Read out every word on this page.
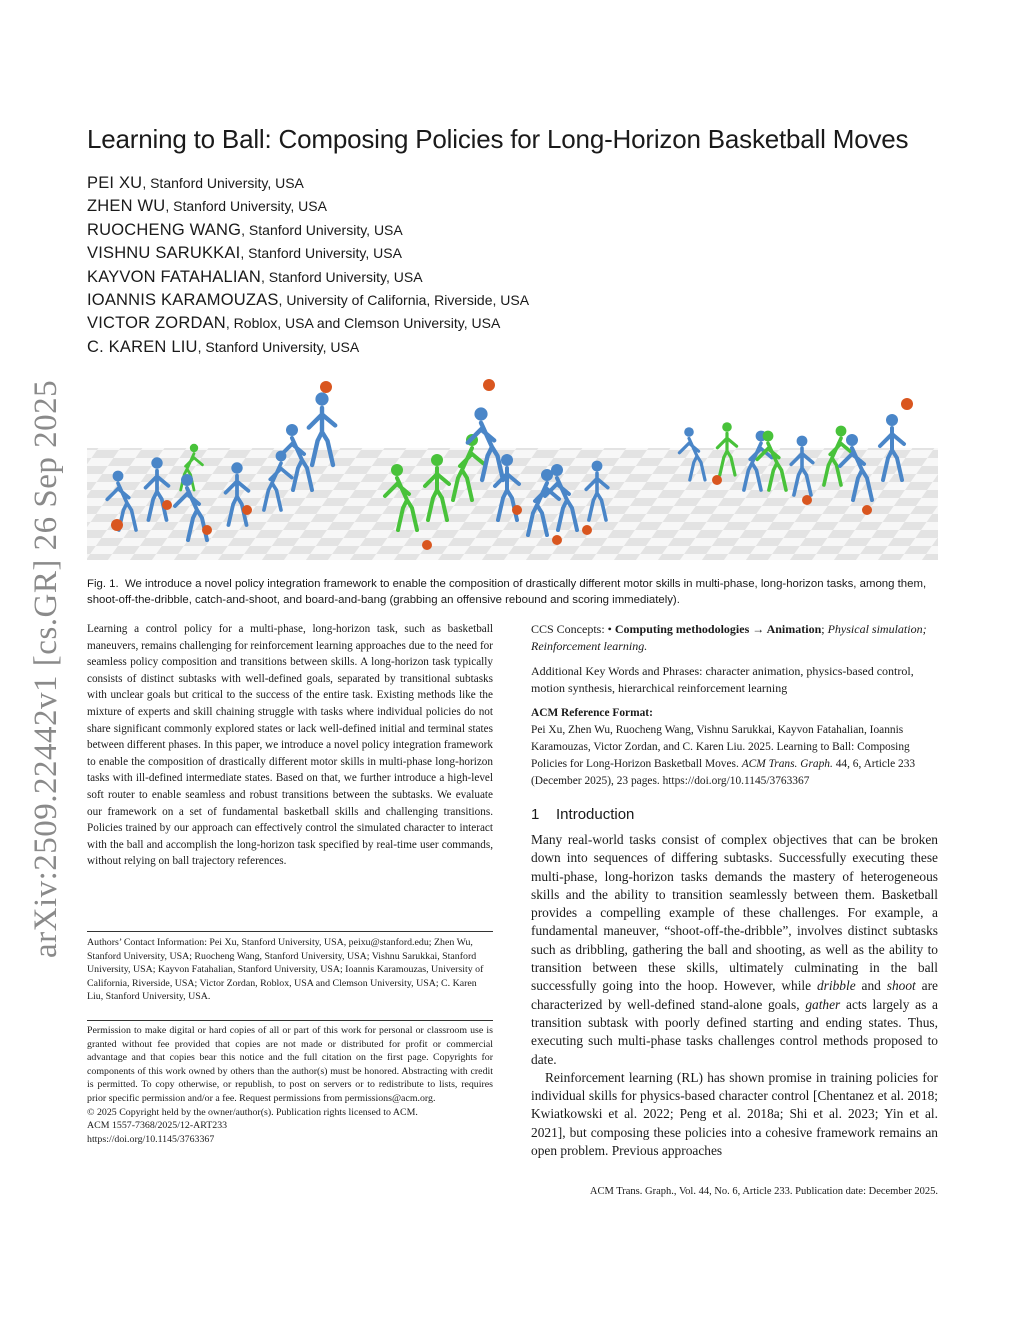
arXiv:2509.22442v1 [cs.GR] 26 Sep 2025
Learning to Ball: Composing Policies for Long-Horizon Basketball Moves
PEI XU, Stanford University, USA
ZHEN WU, Stanford University, USA
RUOCHENG WANG, Stanford University, USA
VISHNU SARUKKAI, Stanford University, USA
KAYVON FATAHALIAN, Stanford University, USA
IOANNIS KARAMOUZAS, University of California, Riverside, USA
VICTOR ZORDAN, Roblox, USA and Clemson University, USA
C. KAREN LIU, Stanford University, USA
Fig. 1. We introduce a novel policy integration framework to enable the composition of drastically different motor skills in multi-phase, long-horizon tasks, among them, shoot-off-the-dribble, catch-and-shoot, and board-and-bang (grabbing an offensive rebound and scoring immediately).
Learning a control policy for a multi-phase, long-horizon task, such as basketball maneuvers, remains challenging for reinforcement learning approaches due to the need for seamless policy composition and transitions between skills. A long-horizon task typically consists of distinct subtasks with well-defined goals, separated by transitional subtasks with unclear goals but critical to the success of the entire task. Existing methods like the mixture of experts and skill chaining struggle with tasks where individual policies do not share significant commonly explored states or lack well-defined initial and terminal states between different phases. In this paper, we introduce a novel policy integration framework to enable the composition of drastically different motor skills in multi-phase long-horizon tasks with ill-defined intermediate states. Based on that, we further introduce a high-level soft router to enable seamless and robust transitions between the subtasks. We evaluate our framework on a set of fundamental basketball skills and challenging transitions. Policies trained by our approach can effectively control the simulated character to interact with the ball and accomplish the long-horizon task specified by real-time user commands, without relying on ball trajectory references.
Authors’ Contact Information: Pei Xu, Stanford University, USA, peixu@stanford.edu; Zhen Wu, Stanford University, USA; Ruocheng Wang, Stanford University, USA; Vishnu Sarukkai, Stanford University, USA; Kayvon Fatahalian, Stanford University, USA; Ioannis Karamouzas, University of California, Riverside, USA; Victor Zordan, Roblox, USA and Clemson University, USA; C. Karen Liu, Stanford University, USA.

Permission to make digital or hard copies of all or part of this work for personal or classroom use is granted without fee provided that copies are not made or distributed for profit or commercial advantage and that copies bear this notice and the full citation on the first page. Copyrights for components of this work owned by others than the author(s) must be honored. Abstracting with credit is permitted. To copy otherwise, or republish, to post on servers or to redistribute to lists, requires prior specific permission and/or a fee. Request permissions from permissions@acm.org.

© 2025 Copyright held by the owner/author(s). Publication rights licensed to ACM.

ACM 1557-7368/2025/12-ART233

https://doi.org/10.1145/3763367

CCS Concepts: • Computing methodologies → Animation; Physical simulation; Reinforcement learning.
Additional Key Words and Phrases: character animation, physics-based control, motion synthesis, hierarchical reinforcement learning
ACM Reference Format:
Pei Xu, Zhen Wu, Ruocheng Wang, Vishnu Sarukkai, Kayvon Fatahalian, Ioannis Karamouzas, Victor Zordan, and C. Karen Liu. 2025. Learning to Ball: Composing Policies for Long-Horizon Basketball Moves. ACM Trans. Graph. 44, 6, Article 233 (December 2025), 23 pages. https://doi.org/10.1145/3763367
1 Introduction

Many real-world tasks consist of complex objectives that can be broken down into sequences of differing subtasks. Successfully executing these multi-phase, long-horizon tasks demands the mastery of heterogeneous skills and the ability to transition seamlessly between them. Basketball provides a compelling example of these challenges. For example, a fundamental maneuver, “shoot-off-the-dribble”, involves distinct subtasks such as dribbling, gathering the ball and shooting, as well as the ability to transition between these skills, ultimately culminating in the ball successfully going into the hoop. However, while dribble and shoot are characterized by well-defined stand-alone goals, gather acts largely as a transition subtask with poorly defined starting and ending states. Thus, executing such multi-phase tasks challenges control methods proposed to date.

Reinforcement learning (RL) has shown promise in training policies for individual skills for physics-based character control [Chentanez et al. 2018; Kwiatkowski et al. 2022; Peng et al. 2018a; Shi et al. 2023; Yin et al. 2021], but composing these policies into a cohesive framework remains an open problem. Previous approaches

ACM Trans. Graph., Vol. 44, No. 6, Article 233. Publication date: December 2025.
